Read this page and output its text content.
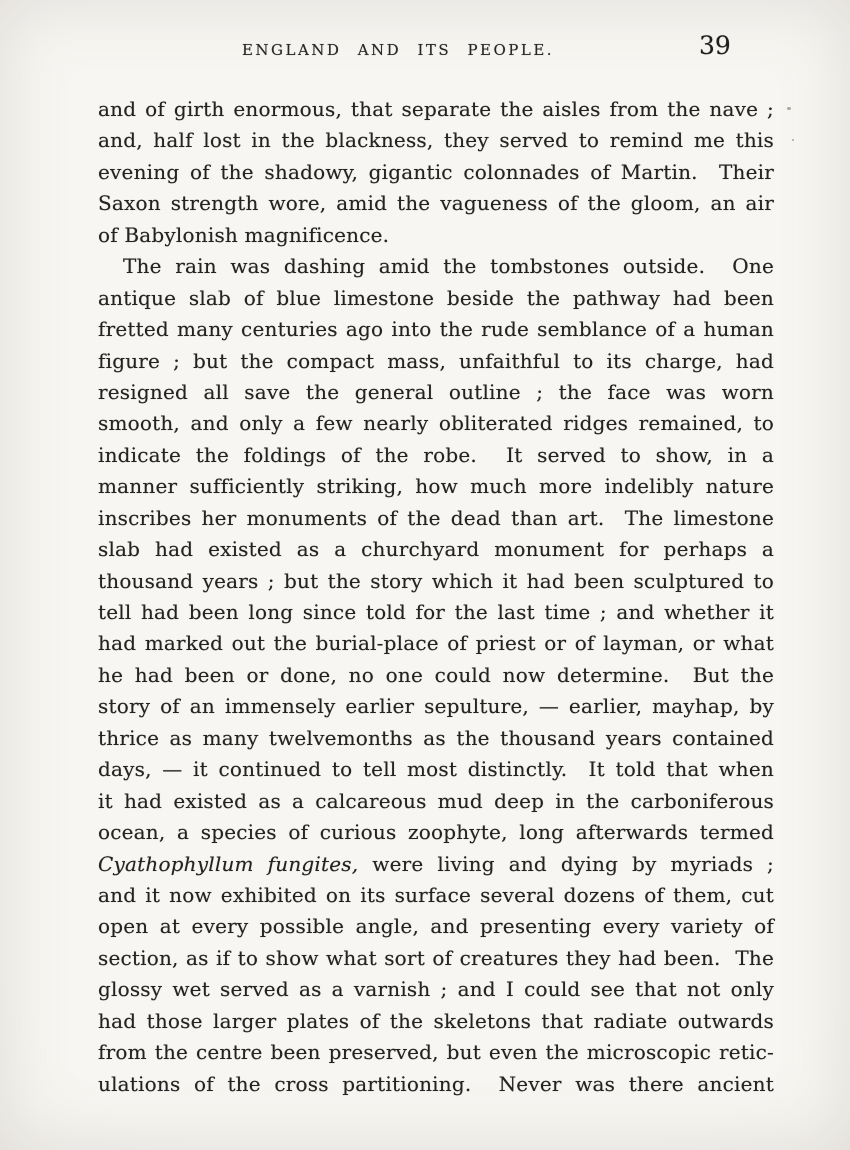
ENGLAND AND ITS PEOPLE.	39
and of girth enormous, that separate the aisles from the nave ;
and, half lost in the blackness, they served to remind me this
evening of the shadowy, gigantic colonnades of Martin.  Their
Saxon strength wore, amid the vagueness of the gloom, an air
of Babylonish magnificence.
The rain was dashing amid the tombstones outside.  One
antique slab of blue limestone beside the pathway had been
fretted many centuries ago into the rude semblance of a human
figure ; but the compact mass, unfaithful to its charge, had
resigned all save the general outline ; the face was worn
smooth, and only a few nearly obliterated ridges remained, to
indicate the foldings of the robe.  It served to show, in a
manner sufficiently striking, how much more indelibly nature
inscribes her monuments of the dead than art.  The limestone
slab had existed as a churchyard monument for perhaps a
thousand years ; but the story which it had been sculptured to
tell had been long since told for the last time ; and whether it
had marked out the burial-place of priest or of layman, or what
he had been or done, no one could now determine.  But the
story of an immensely earlier sepulture, — earlier, mayhap, by
thrice as many twelvemonths as the thousand years contained
days, — it continued to tell most distinctly.  It told that when
it had existed as a calcareous mud deep in the carboniferous
ocean, a species of curious zoophyte, long afterwards termed
Cyathophyllum fungites, were living and dying by myriads ;
and it now exhibited on its surface several dozens of them, cut
open at every possible angle, and presenting every variety of
section, as if to show what sort of creatures they had been.  The
glossy wet served as a varnish ; and I could see that not only
had those larger plates of the skeletons that radiate outwards
from the centre been preserved, but even the microscopic retic-
ulations of the cross partitioning.  Never was there ancient
